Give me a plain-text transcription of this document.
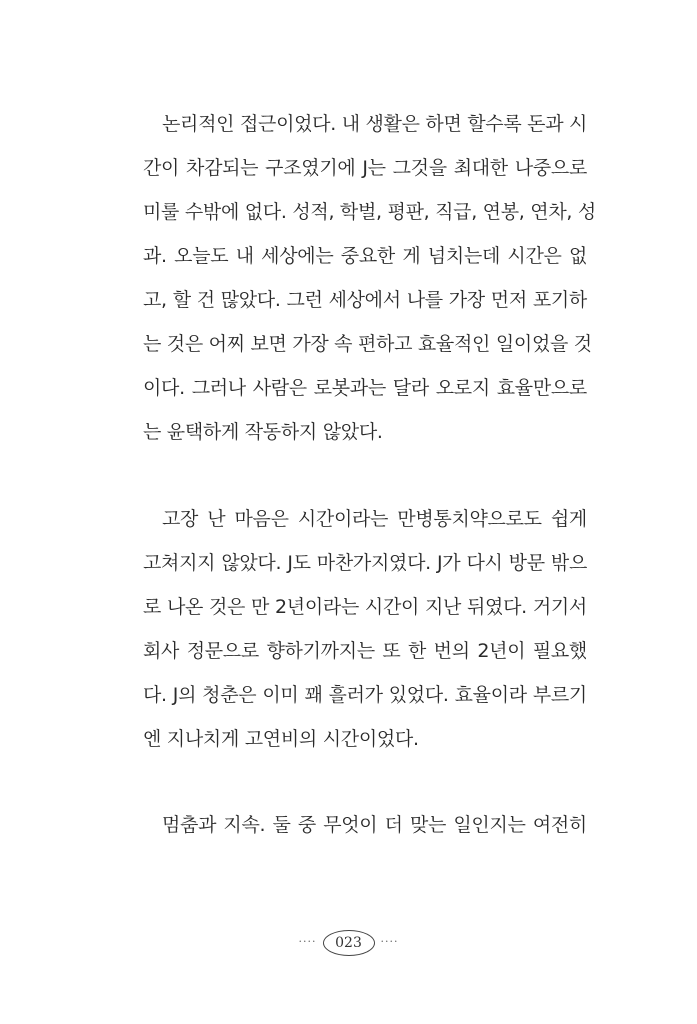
논리적인 접근이었다. 내 생활은 하면 할수록 돈과 시
간이 차감되는 구조였기에 J는 그것을 최대한 나중으로
미룰 수밖에 없다. 성적, 학벌, 평판, 직급, 연봉, 연차, 성
과. 오늘도 내 세상에는 중요한 게 넘치는데 시간은 없
고, 할 건 많았다. 그런 세상에서 나를 가장 먼저 포기하
는 것은 어찌 보면 가장 속 편하고 효율적인 일이었을 것
이다. 그러나 사람은 로봇과는 달라 오로지 효율만으로
는 윤택하게 작동하지 않았다.
고장 난 마음은 시간이라는 만병통치약으로도 쉽게
고쳐지지 않았다. J도 마찬가지였다. J가 다시 방문 밖으
로 나온 것은 만 2년이라는 시간이 지난 뒤였다. 거기서
회사 정문으로 향하기까지는 또 한 번의 2년이 필요했
다. J의 청춘은 이미 꽤 흘러가 있었다. 효율이라 부르기
엔 지나치게 고연비의 시간이었다.
멈춤과 지속. 둘 중 무엇이 더 맞는 일인지는 여전히
····	023	····
